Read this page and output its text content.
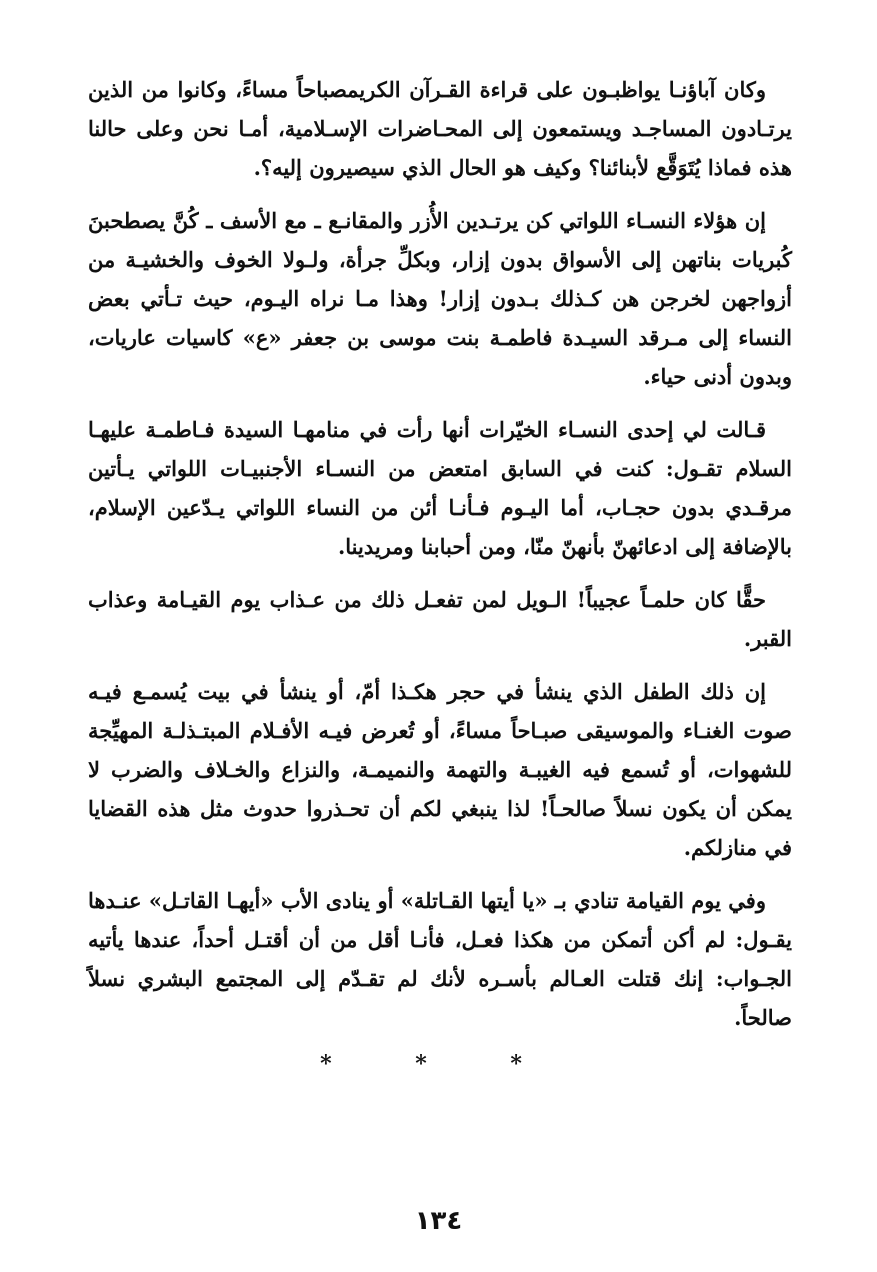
وكان آباؤنـا يواظبـون على قراءة القـرآن الكريمصباحاً مساءً، وكانوا من الذين يرتـادون المساجـد ويستمعون إلى المحـاضرات الإسـلامية، أمـا نحن وعلى حالنا هذه فماذا يُتَوَقَّع لأبنائنا؟ وكيف هو الحال الذي سيصيرون إليه؟.

إن هؤلاء النسـاء اللواتي كن يرتـدين الأُزر والمقانـع ـ مع الأسف ـ كُنَّ يصطحبنَ كُبريات بناتهن إلى الأسواق بدون إزار، وبكلِّ جرأة، ولـولا الخوف والخشيـة من أزواجهن لخرجن هن كـذلك بـدون إزار! وهذا مـا نراه اليـوم، حيث تـأتي بعض النساء إلى مـرقد السيـدة فاطمـة بنت موسى بن جعفر «ع» كاسيات عاريات، وبدون أدنى حياء.

قـالت لي إحدى النسـاء الخيّرات أنها رأت في منامهـا السيدة فـاطمـة عليهـا السلام تقـول: كنت في السابق امتعض من النسـاء الأجنبيـات اللواتي يـأتين مرقـدي بدون حجـاب، أما اليـوم فـأنـا أئن من النساء اللواتي يـدّعين الإسلام، بالإضافة إلى ادعائهنّ بأنهنّ منّا، ومن أحبابنا ومريدينا.

حقًّا كان حلمـاً عجيباً! الـويل لمن تفعـل ذلك من عـذاب يوم القيـامة وعذاب القبر.

إن ذلك الطفل الذي ينشأ في حجر هكـذا أمّ، أو ينشأ في بيت يُسمـع فيـه صوت الغنـاء والموسيقى صبـاحاً مساءً، أو تُعرض فيـه الأفـلام المبتـذلـة المهيِّجة للشهوات، أو تُسمع فيه الغيبـة والتهمة والنميمـة، والنزاع والخـلاف والضرب لا يمكن أن يكون نسلاً صالحـاً! لذا ينبغي لكم أن تحـذروا حدوث مثل هذه القضايا في منازلكم.

وفي يوم القيامة تنادي بـ «يا أيتها القـاتلة» أو ينادى الأب «أيهـا القاتـل» عنـدها يقـول: لم أكن أتمكن من هكذا فعـل، فأنـا أقل من أن أقتـل أحداً، عندها يأتيه الجـواب: إنك قتلت العـالم بأسـره لأنك لم تقـدّم إلى المجتمع البشري نسلاً صالحاً.

* * *
١٣٤
